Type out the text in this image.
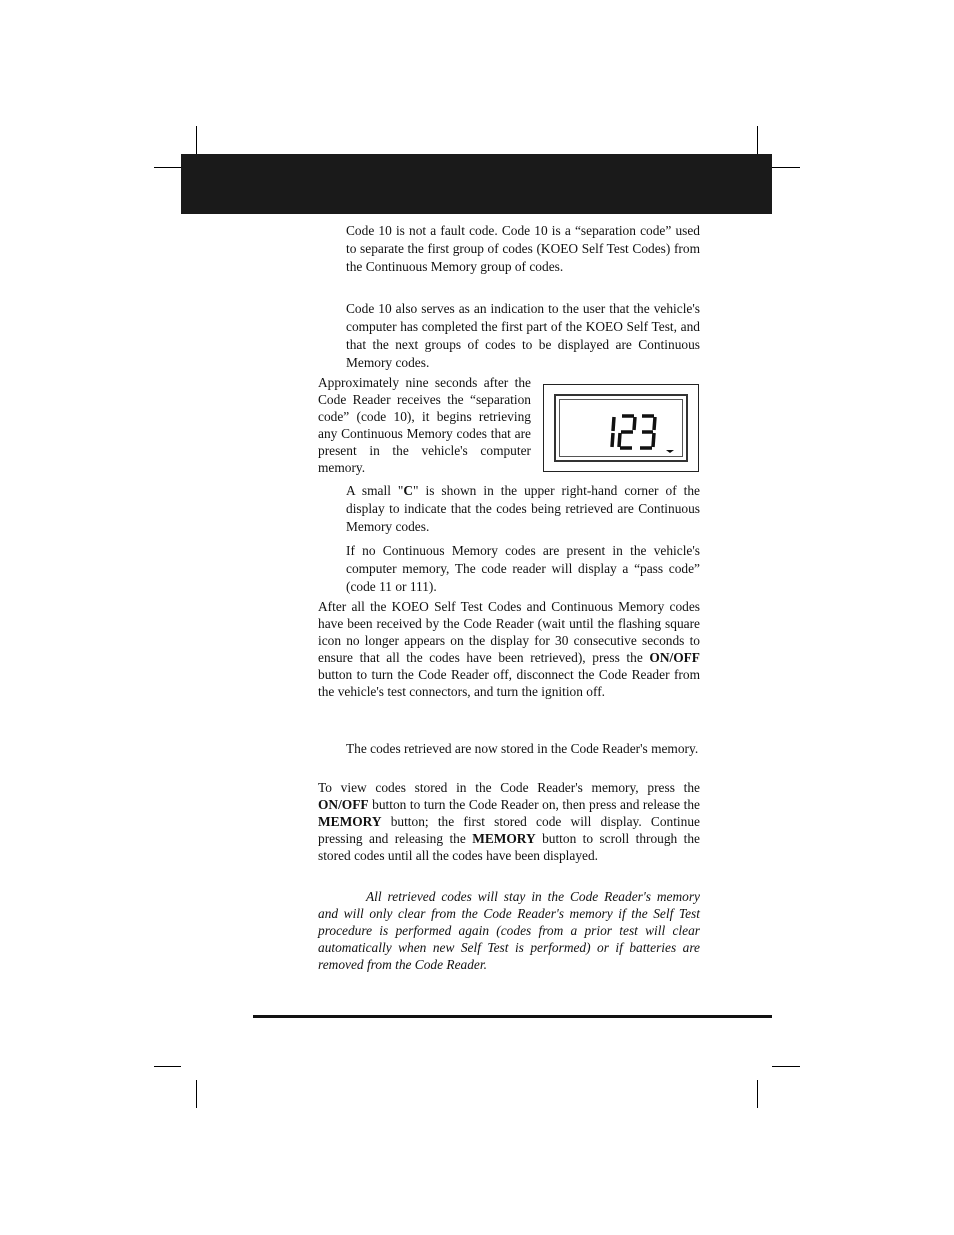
Code 10 is not a fault code. Code 10 is a “separation code” used to separate the first group of codes (KOEO Self Test Codes) from the Continuous Memory group of codes.

Code 10 also serves as an indication to the user that the vehicle's computer has completed the first part of the KOEO Self Test, and that the next groups of codes to be displayed are Continuous Memory codes.

Approximately nine seconds after the Code Reader receives the “separation code” (code 10), it begins retrieving any Continuous Memory codes that are present in the vehicle's computer memory.

A small "C" is shown in the upper right-hand corner of the display to indicate that the codes being retrieved are Continuous Memory codes.

If no Continuous Memory codes are present in the vehicle's computer memory, The code reader will display a “pass code” (code 11 or 111).

After all the KOEO Self Test Codes and Continuous Memory codes have been received by the Code Reader (wait until the flashing square icon no longer appears on the display for 30 consecutive seconds to ensure that all the codes have been retrieved), press the ON/OFF button to turn the Code Reader off, disconnect the Code Reader from the vehicle's test connectors, and turn the ignition off.

The codes retrieved are now stored in the Code Reader's memory.

To view codes stored in the Code Reader's memory, press the ON/OFF button to turn the Code Reader on, then press and release the MEMORY button; the first stored code will display. Continue pressing and releasing the MEMORY button to scroll through the stored codes until all the codes have been displayed.

All retrieved codes will stay in the Code Reader's memory and will only clear from the Code Reader's memory if the Self Test procedure is performed again (codes from a prior test will clear automatically when new Self Test is performed) or if batteries are removed from the Code Reader.
